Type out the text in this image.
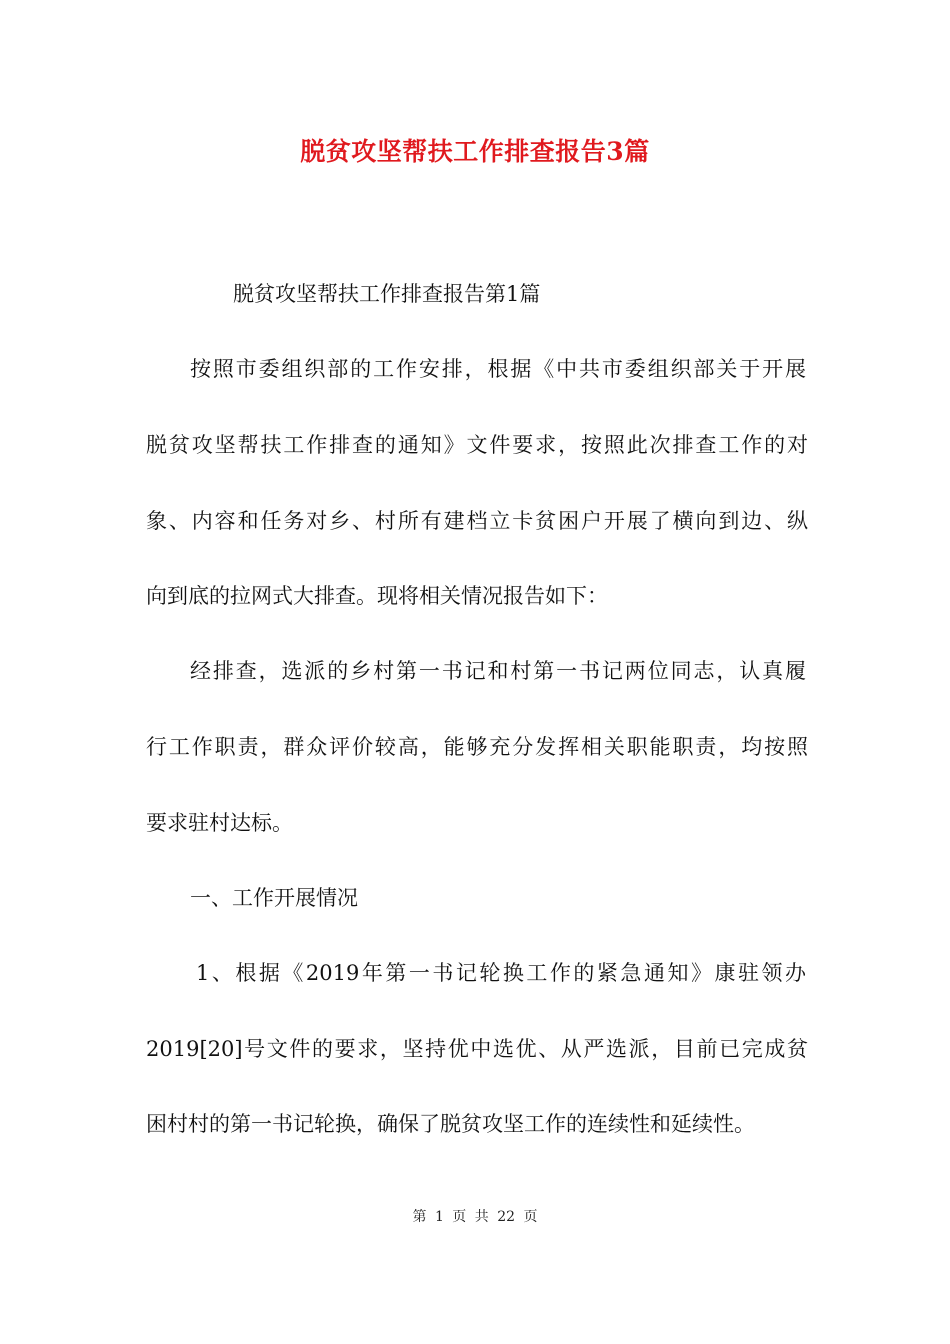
脱贫攻坚帮扶工作排查报告3篇
脱贫攻坚帮扶工作排查报告第1篇
按照市委组织部的工作安排，根据《中共市委组织部关于开展
脱贫攻坚帮扶工作排查的通知》文件要求，按照此次排查工作的对
象、内容和任务对乡、村所有建档立卡贫困户开展了横向到边、纵
向到底的拉网式大排查。现将相关情况报告如下：
经排查，选派的乡村第一书记和村第一书记两位同志，认真履
行工作职责，群众评价较高，能够充分发挥相关职能职责，均按照
要求驻村达标。
一、工作开展情况
1、根据《2019年第一书记轮换工作的紧急通知》康驻领办
2019[20]号文件的要求，坚持优中选优、从严选派，目前已完成贫
困村村的第一书记轮换，确保了脱贫攻坚工作的连续性和延续性。
第 1 页 共 22 页
